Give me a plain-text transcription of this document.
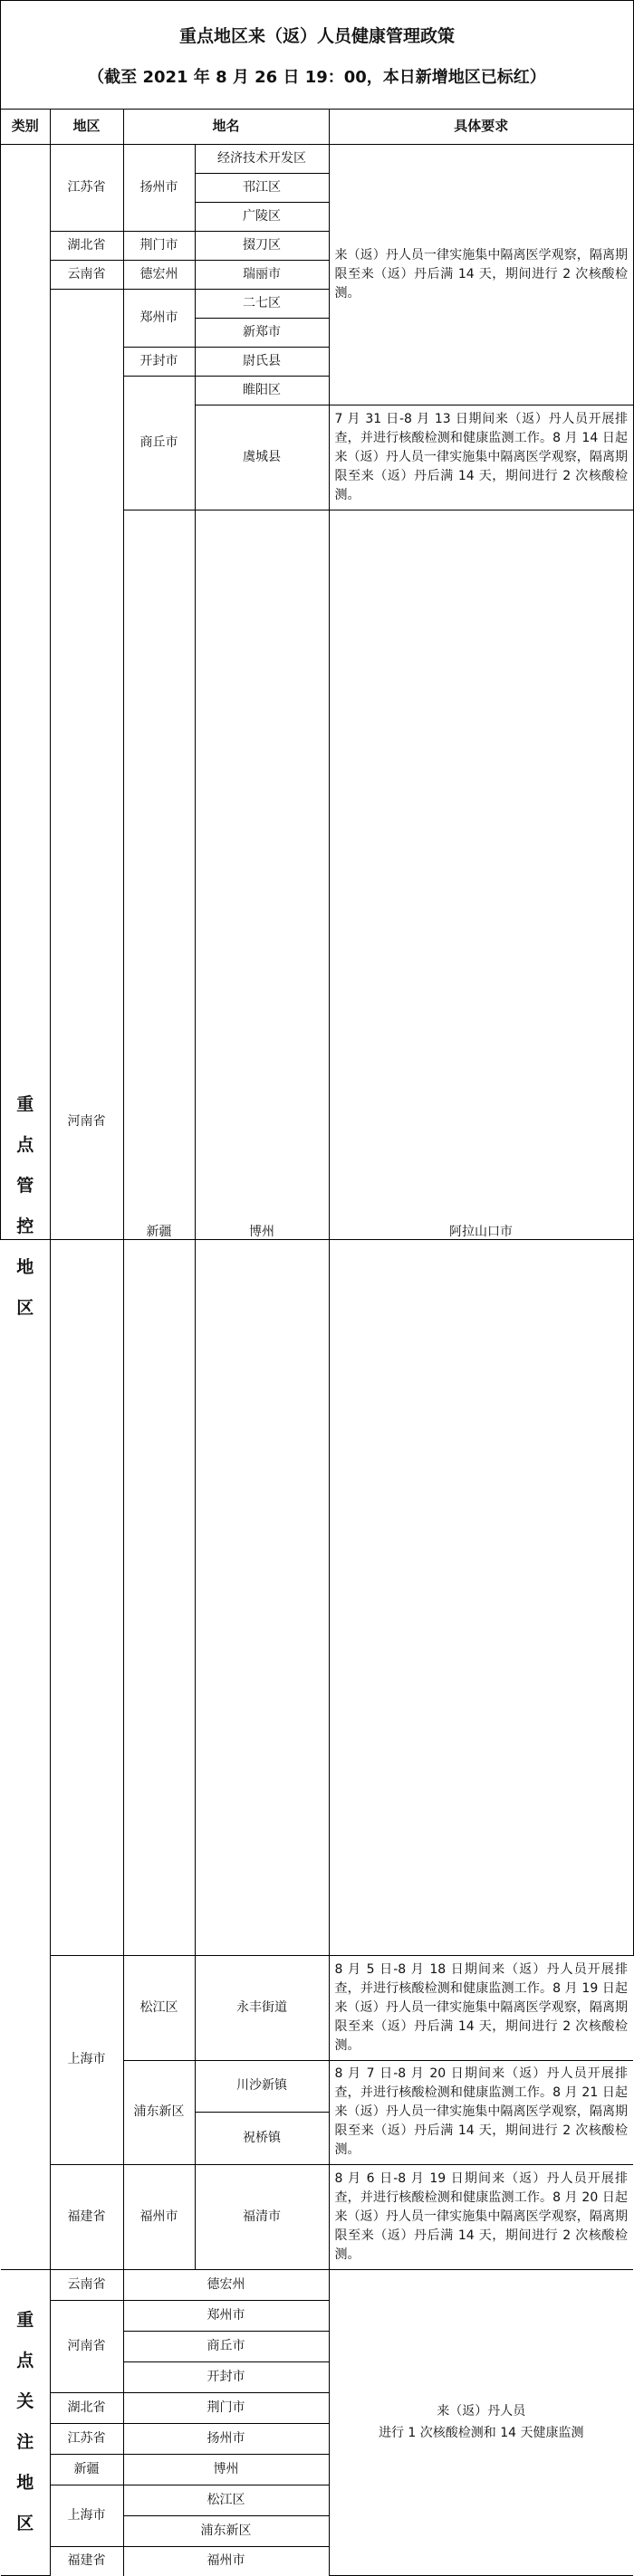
重点地区来（返）人员健康管理政策
（截至 2021 年 8 月 26 日 19：00，本日新增地区已标红）
类别	地区	地名		具体要求	
重点管控地区	江苏省	扬州市	经济技术开发区	来（返）丹人员一律实施集中隔离医学观察，隔离期限至来（返）丹后满 14 天，期间进行 2 次核酸检测。	
			邗江区		
			广陵区		
	湖北省	荆门市	掇刀区		
	云南省	德宏州	瑞丽市		
	河南省	郑州市	二七区		
			新郑市		
		开封市	尉氏县		
		商丘市	睢阳区		
			虞城县	7 月 31 日-8 月 13 日期间来（返）丹人员开展排查，并进行核酸检测和健康监测工作。8 月 14 日起来（返）丹人员一律实施集中隔离医学观察，隔离期限至来（返）丹后满 14 天，期间进行 2 次核酸检测。	
		新疆	博州	阿拉山口市	
	上海市	松江区	永丰街道	8 月 5 日-8 月 18 日期间来（返）丹人员开展排查，并进行核酸检测和健康监测工作。8 月 19 日起来（返）丹人员一律实施集中隔离医学观察，隔离期限至来（返）丹后满 14 天，期间进行 2 次核酸检测。	
		浦东新区	川沙新镇	8 月 7 日-8 月 20 日期间来（返）丹人员开展排查，并进行核酸检测和健康监测工作。8 月 21 日起来（返）丹人员一律实施集中隔离医学观察，隔离期限至来（返）丹后满 14 天，期间进行 2 次核酸检测。	
			祝桥镇		
	福建省	福州市	福清市	8 月 6 日-8 月 19 日期间来（返）丹人员开展排查，并进行核酸检测和健康监测工作。8 月 20 日起来（返）丹人员一律实施集中隔离医学观察，隔离期限至来（返）丹后满 14 天，期间进行 2 次核酸检测。	
重点关注地区	云南省	德宏州	来（返）丹人员
进行 1 次核酸检测和 14 天健康监测

	河南省	郑州市	
		商丘市	
		开封市	
	湖北省	荆门市	
	江苏省	扬州市	
	新疆	博州	
	上海市	松江区	
		浦东新区	
	福建省	福州市	
